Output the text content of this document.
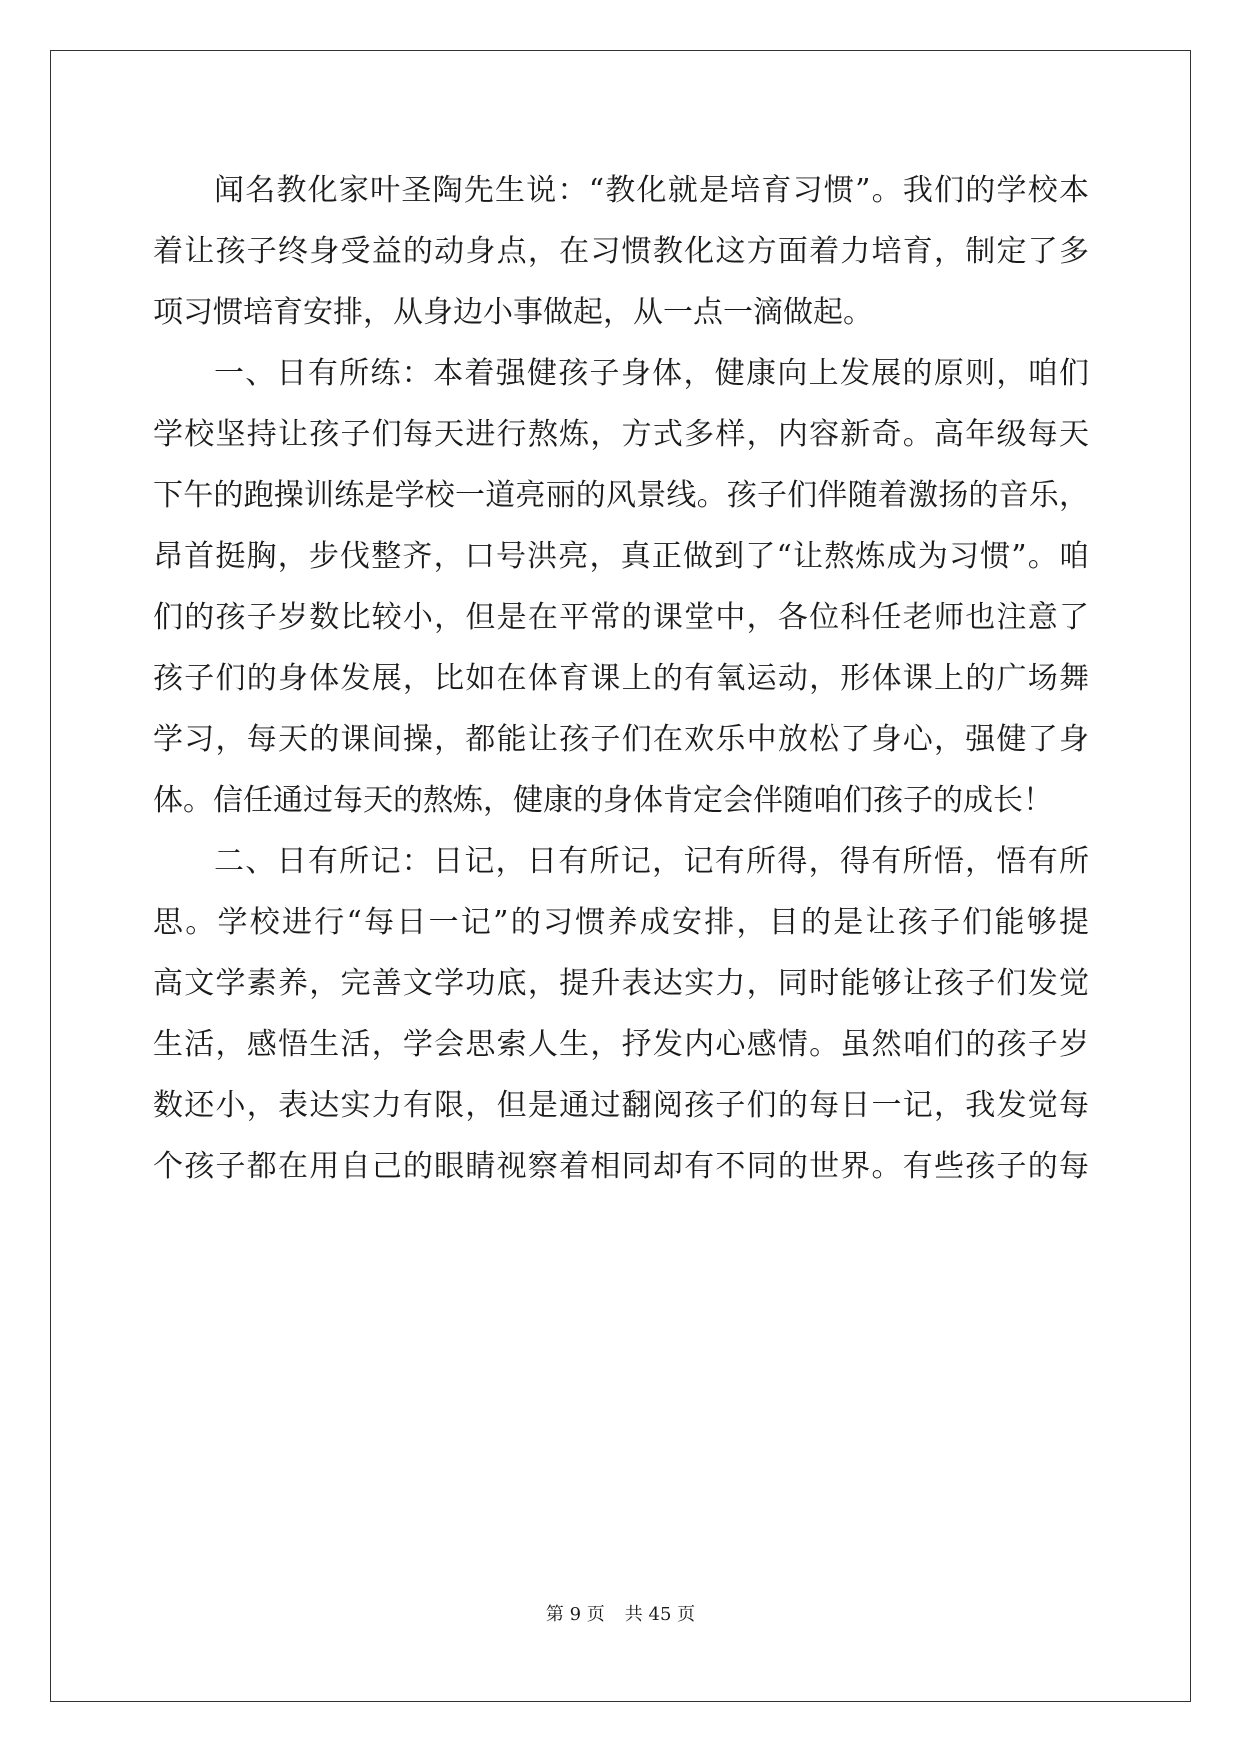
闻名教化家叶圣陶先生说：“教化就是培育习惯”。我们的学校本
着让孩子终身受益的动身点，在习惯教化这方面着力培育，制定了多
项习惯培育安排，从身边小事做起，从一点一滴做起。
一、日有所练：本着强健孩子身体，健康向上发展的原则，咱们
学校坚持让孩子们每天进行熬炼，方式多样，内容新奇。高年级每天
下午的跑操训练是学校一道亮丽的风景线。孩子们伴随着激扬的音乐，
昂首挺胸，步伐整齐，口号洪亮，真正做到了“让熬炼成为习惯”。咱
们的孩子岁数比较小，但是在平常的课堂中，各位科任老师也注意了
孩子们的身体发展，比如在体育课上的有氧运动，形体课上的广场舞
学习，每天的课间操，都能让孩子们在欢乐中放松了身心，强健了身
体。信任通过每天的熬炼，健康的身体肯定会伴随咱们孩子的成长！
二、日有所记：日记，日有所记，记有所得，得有所悟，悟有所
思。学校进行“每日一记”的习惯养成安排，目的是让孩子们能够提
高文学素养，完善文学功底，提升表达实力，同时能够让孩子们发觉
生活，感悟生活，学会思索人生，抒发内心感情。虽然咱们的孩子岁
数还小，表达实力有限，但是通过翻阅孩子们的每日一记，我发觉每
个孩子都在用自己的眼睛视察着相同却有不同的世界。有些孩子的每
第 9 页 共 45 页
